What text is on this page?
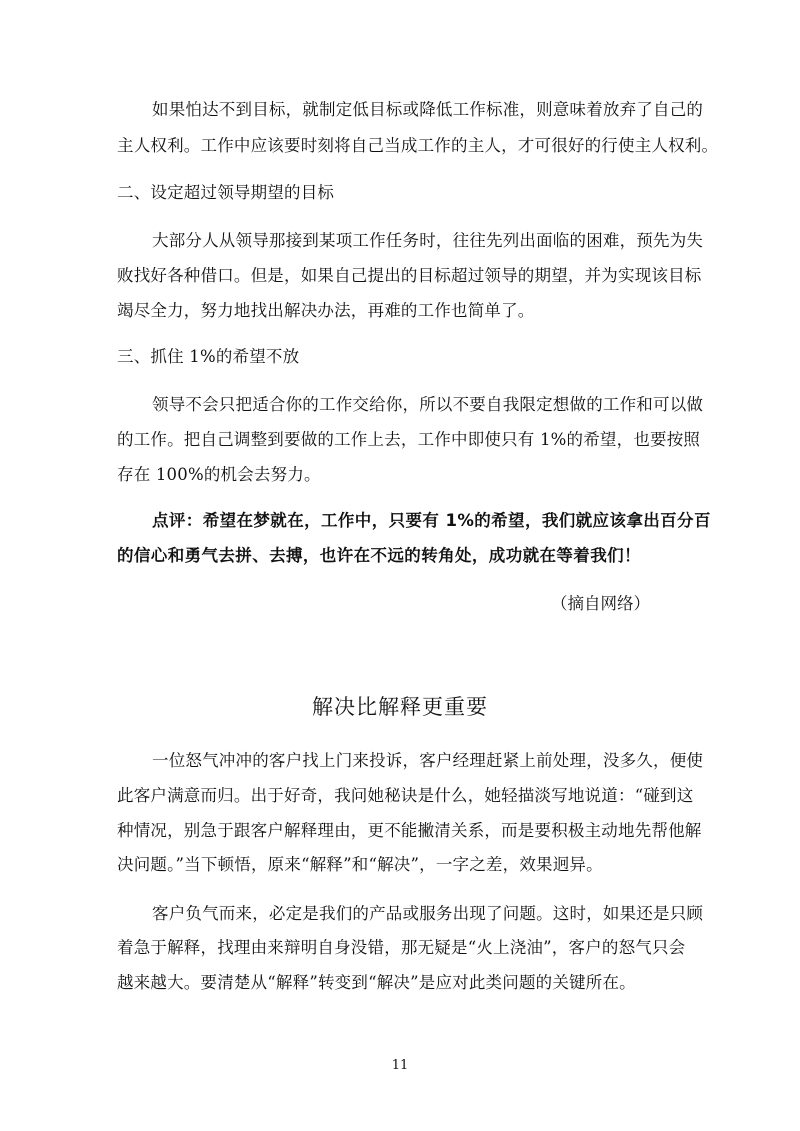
如果怕达不到目标，就制定低目标或降低工作标准，则意味着放弃了自己的
主人权利。工作中应该要时刻将自己当成工作的主人，才可很好的行使主人权利。
二、设定超过领导期望的目标
大部分人从领导那接到某项工作任务时，往往先列出面临的困难，预先为失
败找好各种借口。但是，如果自己提出的目标超过领导的期望，并为实现该目标
竭尽全力，努力地找出解决办法，再难的工作也简单了。
三、抓住 1%的希望不放
领导不会只把适合你的工作交给你，所以不要自我限定想做的工作和可以做
的工作。把自己调整到要做的工作上去，工作中即使只有 1%的希望，也要按照
存在 100%的机会去努力。
点评：希望在梦就在，工作中，只要有 1%的希望，我们就应该拿出百分百
的信心和勇气去拼、去搏，也许在不远的转角处，成功就在等着我们！
（摘自网络）
解决比解释更重要
一位怒气冲冲的客户找上门来投诉，客户经理赶紧上前处理，没多久，便使
此客户满意而归。出于好奇，我问她秘诀是什么，她轻描淡写地说道：“碰到这
种情况，别急于跟客户解释理由，更不能撇清关系，而是要积极主动地先帮他解
决问题。”当下顿悟，原来“解释”和“解决”，一字之差，效果迥异。
客户负气而来，必定是我们的产品或服务出现了问题。这时，如果还是只顾
着急于解释，找理由来辩明自身没错，那无疑是“火上浇油”，客户的怒气只会
越来越大。要清楚从“解释”转变到“解决”是应对此类问题的关键所在。
11
